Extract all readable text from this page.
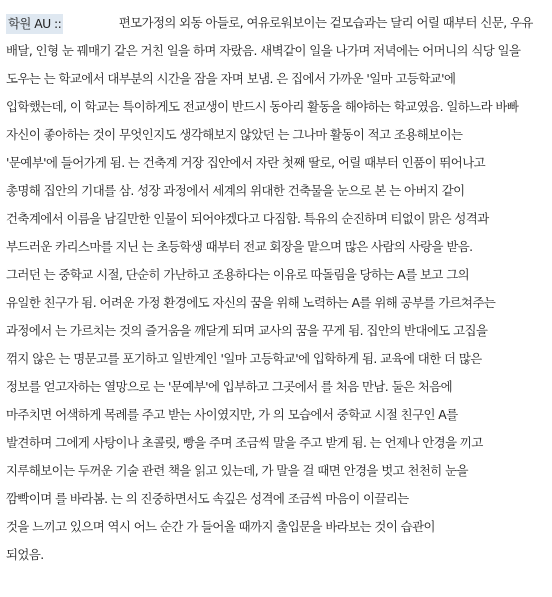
학원 AU ::	편모가정의 외동 아들로, 여유로워보이는 겉모습과는 달리 어릴 때부터 신문, 우유
배달, 인형 눈 꿰매기 같은 거친 일을 하며 자랐음. 새벽같이 일을 나가며 저녁에는 어머니의 식당 일을
도우는 는 학교에서 대부분의 시간을 잠을 자며 보냄. 은 집에서 가까운 '일마 고등학교'에
입학했는데, 이 학교는 특이하게도 전교생이 반드시 동아리 활동을 해야하는 학교였음. 일하느라 바빠
자신이 좋아하는 것이 무엇인지도 생각해보지 않았던 는 그나마 활동이 적고 조용해보이는
'문예부'에 들어가게 됨. 는 건축계 거장 집안에서 자란 첫째 딸로, 어릴 때부터 인품이 뛰어나고
총명해 집안의 기대를 삼. 성장 과정에서 세계의 위대한 건축물을 눈으로 본 는 아버지 같이
건축계에서 이름을 남길만한 인물이 되어야겠다고 다짐함. 특유의 순진하며 티없이 맑은 성격과
부드러운 카리스마를 지닌 는 초등학생 때부터 전교 회장을 맡으며 많은 사람의 사랑을 받음.
그러던 는 중학교 시절, 단순히 가난하고 조용하다는 이유로 따돌림을 당하는 A를 보고 그의
유일한 친구가 됨. 어려운 가정 환경에도 자신의 꿈을 위해 노력하는 A를 위해 공부를 가르쳐주는
과정에서 는 가르치는 것의 즐거움을 깨닫게 되며 교사의 꿈을 꾸게 됨. 집안의 반대에도 고집을
꺾지 않은 는 명문고를 포기하고 일반계인 '일마 고등학교'에 입학하게 됨. 교육에 대한 더 많은
정보를 얻고자하는 열망으로 는 '문예부'에 입부하고 그곳에서 를 처음 만남. 둘은 처음에
마주치면 어색하게 목례를 주고 받는 사이였지만, 가 의 모습에서 중학교 시절 친구인 A를
발견하며 그에게 사탕이나 초콜릿, 빵을 주며 조금씩 말을 주고 받게 됨. 는 언제나 안경을 끼고
지루해보이는 두꺼운 기술 관련 책을 읽고 있는데, 가 말을 걸 때면 안경을 벗고 천천히 눈을
깜빡이며 를 바라봄. 는 의 진중하면서도 속깊은 성격에 조금씩 마음이 이끌리는
것을 느끼고 있으며 역시 어느 순간 가 들어올 때까지 출입문을 바라보는 것이 습관이
되었음.
